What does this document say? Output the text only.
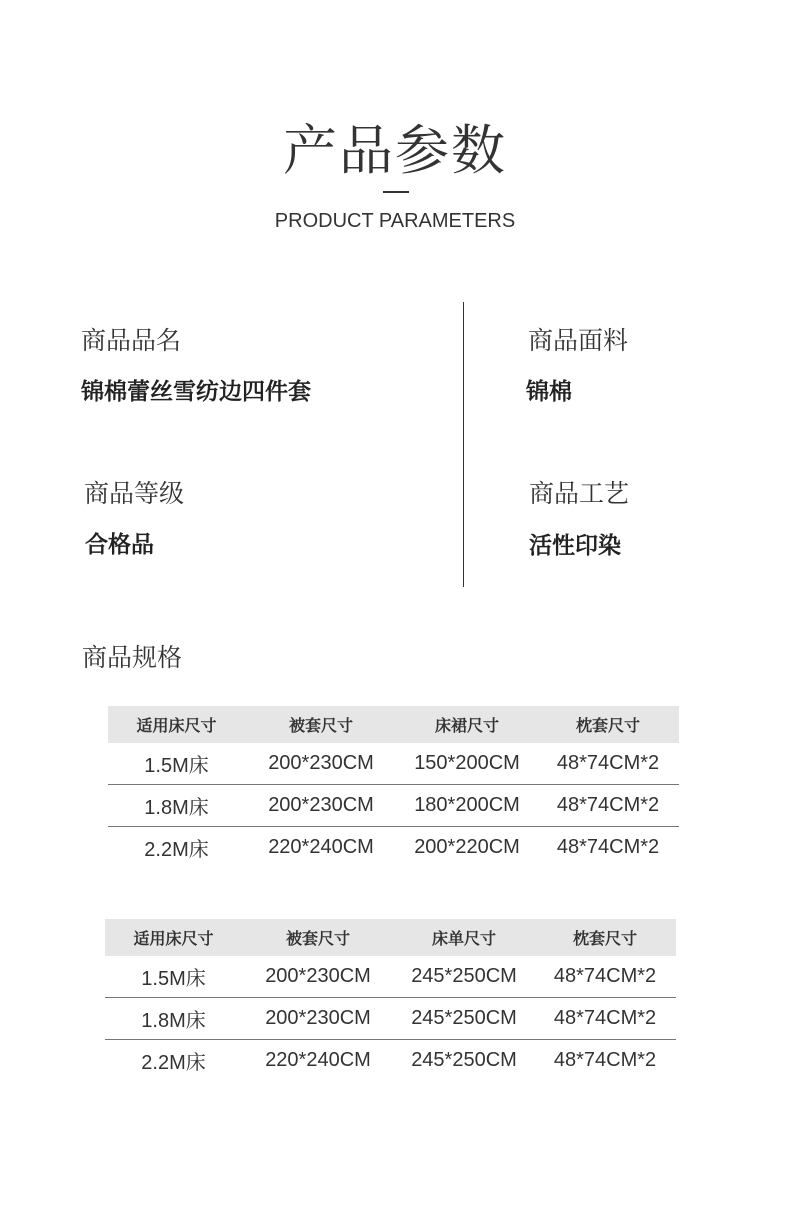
产品参数
PRODUCT PARAMETERS
商品品名
锦棉蕾丝雪纺边四件套
商品面料
锦棉
商品等级
合格品
商品工艺
活性印染
商品规格
适用床尺寸	被套尺寸	床裙尺寸	枕套尺寸
1.5M床	200*230CM	150*200CM	48*74CM*2
1.8M床	200*230CM	180*200CM	48*74CM*2
2.2M床	220*240CM	200*220CM	48*74CM*2
适用床尺寸	被套尺寸	床单尺寸	枕套尺寸
1.5M床	200*230CM	245*250CM	48*74CM*2
1.8M床	200*230CM	245*250CM	48*74CM*2
2.2M床	220*240CM	245*250CM	48*74CM*2
